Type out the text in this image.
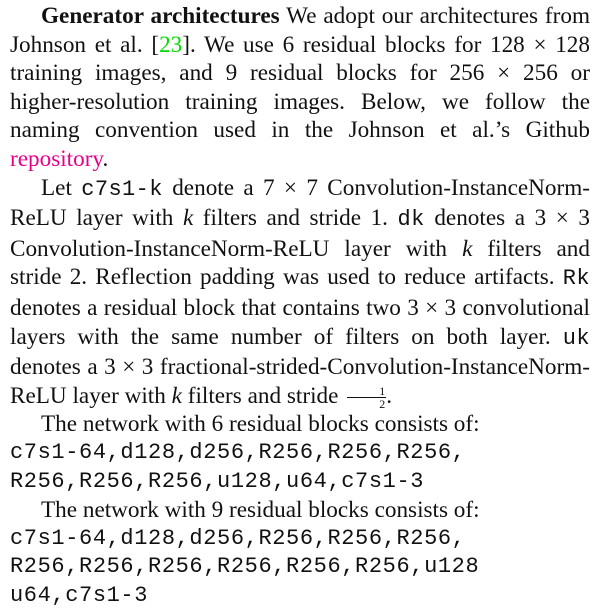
Generator architectures We adopt our architectures from Johnson et al. [23]. We use 6 residual blocks for 128 × 128 training images, and 9 residual blocks for 256 × 256 or higher-resolution training images. Below, we follow the naming convention used in the Johnson et al.’s Github repository.

Let c7s1-k denote a 7 × 7 Convolution-InstanceNorm-ReLU layer with k filters and stride 1. dk denotes a 3 × 3 Convolution-InstanceNorm-ReLU layer with k filters and stride 2. Reflection padding was used to reduce artifacts. Rk denotes a residual block that contains two 3 × 3 convolutional layers with the same number of filters on both layer. uk denotes a 3 × 3 fractional-strided-Convolution-InstanceNorm-ReLU layer with k filters and stride $\frac{1}{2}$ .

The network with 6 residual blocks consists of:

c7s1-64,d128,d256,R256,R256,R256,
R256,R256,R256,u128,u64,c7s1-3

The network with 9 residual blocks consists of:

c7s1-64,d128,d256,R256,R256,R256,
R256,R256,R256,R256,R256,R256,u128
u64,c7s1-3
